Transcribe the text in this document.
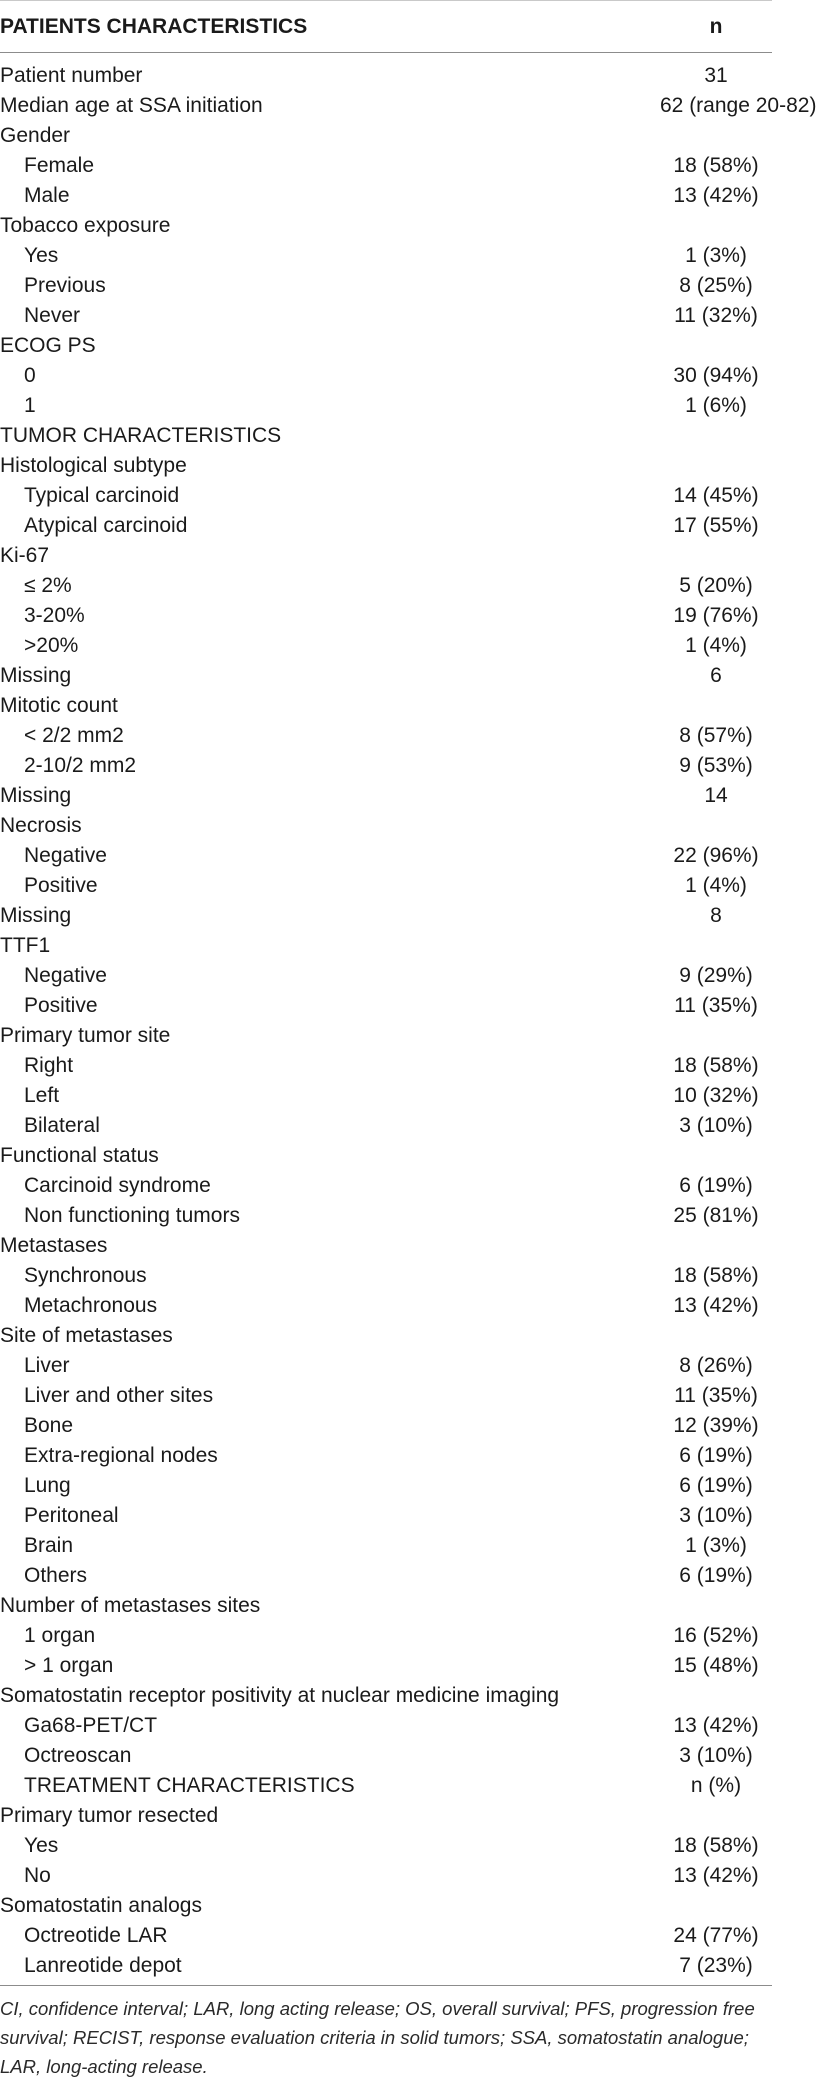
PATIENTS CHARACTERISTICS	n
Patient number	31
Median age at SSA initiation	62 (range 20-82)
Gender	
Female	18 (58%)
Male	13 (42%)
Tobacco exposure	
Yes	1 (3%)
Previous	8 (25%)
Never	11 (32%)
ECOG PS	
0	30 (94%)
1	1 (6%)
TUMOR CHARACTERISTICS	
Histological subtype	
Typical carcinoid	14 (45%)
Atypical carcinoid	17 (55%)
Ki-67	
≤ 2%	5 (20%)
3-20%	19 (76%)
>20%	1 (4%)
Missing	6
Mitotic count	
< 2/2 mm2	8 (57%)
2-10/2 mm2	9 (53%)
Missing	14
Necrosis	
Negative	22 (96%)
Positive	1 (4%)
Missing	8
TTF1	
Negative	9 (29%)
Positive	11 (35%)
Primary tumor site	
Right	18 (58%)
Left	10 (32%)
Bilateral	3 (10%)
Functional status	
Carcinoid syndrome	6 (19%)
Non functioning tumors	25 (81%)
Metastases	
Synchronous	18 (58%)
Metachronous	13 (42%)
Site of metastases	
Liver	8 (26%)
Liver and other sites	11 (35%)
Bone	12 (39%)
Extra-regional nodes	6 (19%)
Lung	6 (19%)
Peritoneal	3 (10%)
Brain	1 (3%)
Others	6 (19%)
Number of metastases sites	
1 organ	16 (52%)
> 1 organ	15 (48%)
Somatostatin receptor positivity at nuclear medicine imaging	
Ga68-PET/CT	13 (42%)
Octreoscan	3 (10%)
TREATMENT CHARACTERISTICS	n (%)
Primary tumor resected	
Yes	18 (58%)
No	13 (42%)
Somatostatin analogs	
Octreotide LAR	24 (77%)
Lanreotide depot	7 (23%)
CI, confidence interval; LAR, long acting release; OS, overall survival; PFS, progression free survival; RECIST, response evaluation criteria in solid tumors; SSA, somatostatin analogue; LAR, long-acting release.
